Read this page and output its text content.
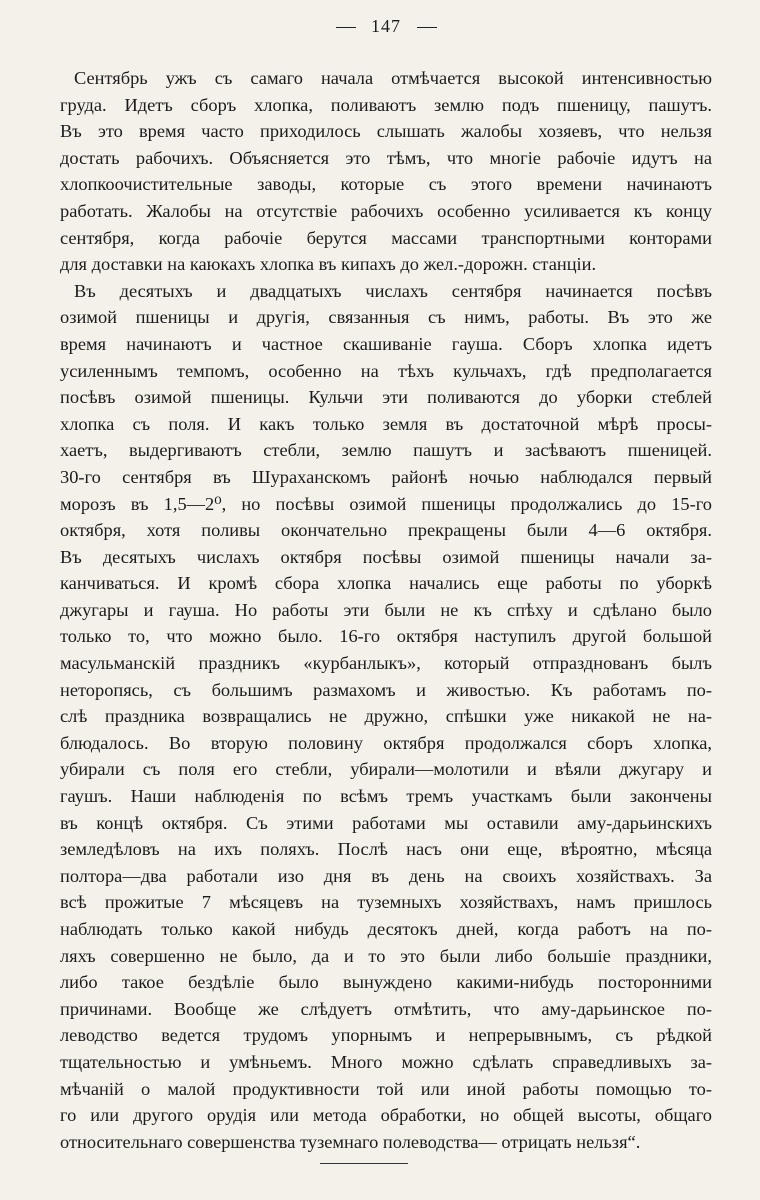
147
Сентябрь ужъ съ самаго начала отмѣчается высокой интенсивностью
груда. Идетъ сборъ хлопка, поливаютъ землю подъ пшеницу, пашутъ.
Въ это время часто приходилось слышать жалобы хозяевъ, что нельзя
достать рабочихъ. Объясняется это тѣмъ, что многіе рабочіе идутъ на
хлопкоочистительные заводы, которые съ этого времени начинаютъ
работать. Жалобы на отсутствіе рабочихъ особенно усиливается къ концу
сентября, когда рабочіе берутся массами транспортными конторами
для доставки на каюкахъ хлопка въ кипахъ до жел.-дорожн. станціи.
Въ десятыхъ и двадцатыхъ числахъ сентября начинается посѣвъ
озимой пшеницы и другія, связанныя съ нимъ, работы. Въ это же
время начинаютъ и частное скашиваніе гауша. Сборъ хлопка идетъ
усиленнымъ темпомъ, особенно на тѣхъ кульчахъ, гдѣ предполагается
посѣвъ озимой пшеницы. Кульчи эти поливаются до уборки стеблей
хлопка съ поля. И какъ только земля въ достаточной мѣрѣ просы-
хаетъ, выдергиваютъ стебли, землю пашутъ и засѣваютъ пшеницей.
30-го сентября въ Шураханскомъ районѣ ночью наблюдался первый
морозъ въ 1,5—2⁰, но посѣвы озимой пшеницы продолжались до 15-го
октября, хотя поливы окончательно прекращены были 4—6 октября.
Въ десятыхъ числахъ октября посѣвы озимой пшеницы начали за-
канчиваться. И кромѣ сбора хлопка начались еще работы по уборкѣ
джугары и гауша. Но работы эти были не къ спѣху и сдѣлано было
только то, что можно было. 16-го октября наступилъ другой большой
масульманскій праздникъ «курбанлыкъ», который отпразднованъ былъ
неторопясь, съ большимъ размахомъ и живостью. Къ работамъ по-
слѣ праздника возвращались не дружно, спѣшки уже никакой не на-
блюдалось. Во вторую половину октября продолжался сборъ хлопка,
убирали съ поля его стебли, убирали—молотили и вѣяли джугару и
гаушъ. Наши наблюденія по всѣмъ тремъ участкамъ были закончены
въ концѣ октября. Съ этими работами мы оставили аму-дарьинскихъ
земледѣловъ на ихъ поляхъ. Послѣ насъ они еще, вѣроятно, мѣсяца
полтора—два работали изо дня въ день на своихъ хозяйствахъ. За
всѣ прожитые 7 мѣсяцевъ на туземныхъ хозяйствахъ, намъ пришлось
наблюдать только какой нибудь десятокъ дней, когда работъ на по-
ляхъ совершенно не было, да и то это были либо большіе праздники,
либо такое бездѣліе было вынуждено какими-нибудь посторонними
причинами. Вообще же слѣдуетъ отмѣтить, что аму-дарьинское по-
леводство ведется трудомъ упорнымъ и непрерывнымъ, съ рѣдкой
тщательностью и умѣньемъ. Много можно сдѣлать справедливыхъ за-
мѣчаній о малой продуктивности той или иной работы помощью то-
го или другого орудія или метода обработки, но общей высоты, общаго
относительнаго совершенства туземнаго полеводства— отрицать нельзя“.
